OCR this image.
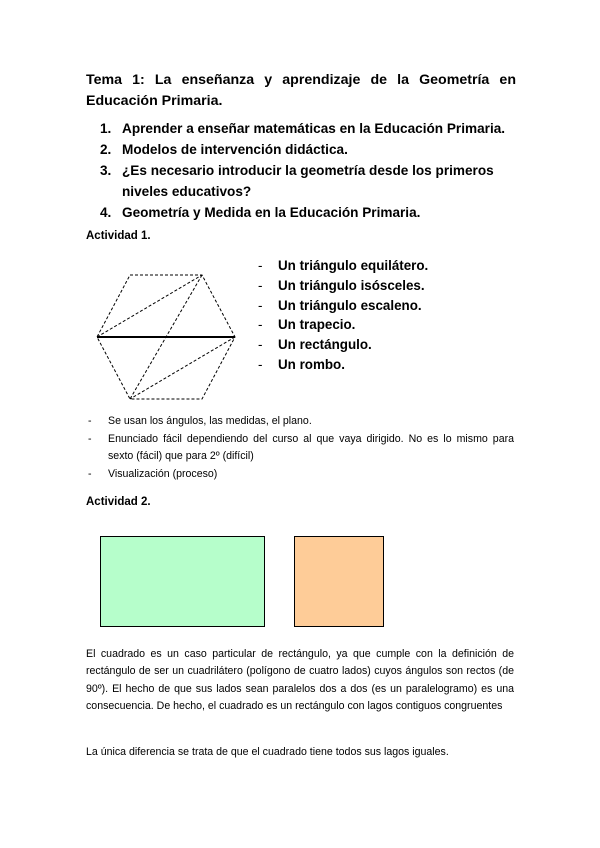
Tema 1: La enseñanza y aprendizaje de la Geometría en Educación Primaria.
1. Aprender a enseñar matemáticas en la Educación Primaria.
2. Modelos de intervención didáctica.
3. ¿Es necesario introducir la geometría desde los primeros niveles educativos?
4. Geometría y Medida en la Educación Primaria.
Actividad 1.
- Un triángulo equilátero.
- Un triángulo isósceles.
- Un triángulo escaleno.
- Un trapecio.
- Un rectángulo.
- Un rombo.
- Se usan los ángulos, las medidas, el plano.
- Enunciado fácil dependiendo del curso al que vaya dirigido. No es lo mismo para sexto (fácil) que para 2º (difícil)
- Visualización (proceso)
Actividad 2.

El cuadrado es un caso particular de rectángulo, ya que cumple con la definición de rectángulo de ser un cuadrilátero (polígono de cuatro lados) cuyos ángulos son rectos (de 90º). El hecho de que sus lados sean paralelos dos a dos (es un paralelogramo) es una consecuencia. De hecho, el cuadrado es un rectángulo con lagos contiguos congruentes

La única diferencia se trata de que el cuadrado tiene todos sus lagos iguales.
